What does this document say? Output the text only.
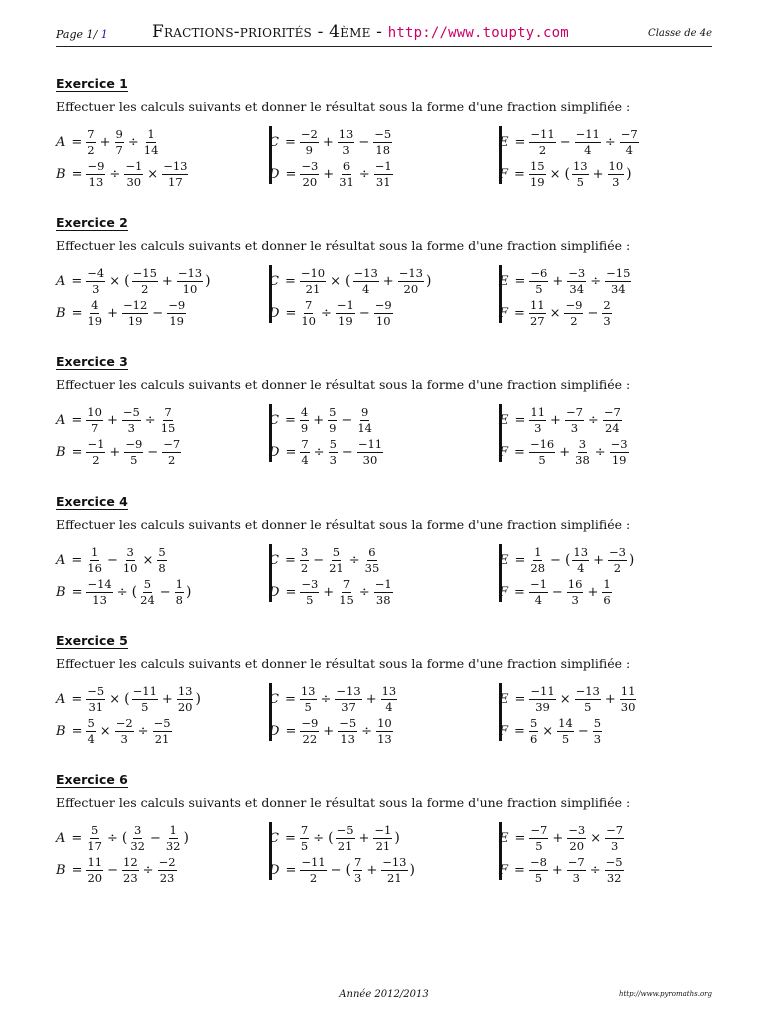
Page 1/ 1	Fractions-priorités - 4ème - http://www.toupty.com	Classe de 4e
Exercice 1
Effectuer les calculs suivants et donner le résultat sous la forme d'une fraction simplifiée :
$A = \frac{7}{2} + \frac{9}{7} \div \frac{1}{14}$
$B = \frac{-9}{13} \div \frac{-1}{30} \times \frac{-13}{17}$
$C = \frac{-2}{9} + \frac{13}{3} - \frac{-5}{18}$
$D = \frac{-3}{20} + \frac{6}{31} \div \frac{-1}{31}$
$E = \frac{-11}{2} - \frac{-11}{4} \div \frac{-7}{4}$
$F = \frac{15}{19}$ × ( $\frac{13}{5} + \frac{10}{3}$ )
Exercice 2
Effectuer les calculs suivants et donner le résultat sous la forme d'une fraction simplifiée :
$A = \frac{-4}{3}$ × ( $\frac{-15}{2} + \frac{-13}{10}$ )
$B = \frac{4}{19} + \frac{-12}{19} - \frac{-9}{19}$
$C = \frac{-10}{21}$ × ( $\frac{-13}{4} + \frac{-13}{20}$ )
$D = \frac{7}{10} \div \frac{-1}{19} - \frac{-9}{10}$
$E = \frac{-6}{5} + \frac{-3}{34} \div \frac{-15}{34}$
$F = \frac{11}{27} \times \frac{-9}{2} - \frac{2}{3}$
Exercice 3
Effectuer les calculs suivants et donner le résultat sous la forme d'une fraction simplifiée :
$A = \frac{10}{7} + \frac{-5}{3} \div \frac{7}{15}$
$B = \frac{-1}{2} + \frac{-9}{5} - \frac{-7}{2}$
$C = \frac{4}{9} + \frac{5}{9} - \frac{9}{14}$
$D = \frac{7}{4} \div \frac{5}{3} - \frac{-11}{30}$
$E = \frac{11}{3} + \frac{-7}{3} \div \frac{-7}{24}$
$F = \frac{-16}{5} + \frac{3}{38} \div \frac{-3}{19}$
Exercice 4
Effectuer les calculs suivants et donner le résultat sous la forme d'une fraction simplifiée :
$A = \frac{1}{16} - \frac{3}{10} \times \frac{5}{8}$
$B = \frac{-14}{13}$ ÷ ( $\frac{5}{24} - \frac{1}{8}$ )
$C = \frac{3}{2} - \frac{5}{21} \div \frac{6}{35}$
$D = \frac{-3}{5} + \frac{7}{15} \div \frac{-1}{38}$
$E = \frac{1}{28}$ − ( $\frac{13}{4} + \frac{-3}{2}$ )
$F = \frac{-1}{4} - \frac{16}{3} + \frac{1}{6}$
Exercice 5
Effectuer les calculs suivants et donner le résultat sous la forme d'une fraction simplifiée :
$A = \frac{-5}{31}$ × ( $\frac{-11}{5} + \frac{13}{20}$ )
$B = \frac{5}{4} \times \frac{-2}{3} \div \frac{-5}{21}$
$C = \frac{13}{5} \div \frac{-13}{37} + \frac{13}{4}$
$D = \frac{-9}{22} + \frac{-5}{13} \div \frac{10}{13}$
$E = \frac{-11}{39} \times \frac{-13}{5} + \frac{11}{30}$
$F = \frac{5}{6} \times \frac{14}{5} - \frac{5}{3}$
Exercice 6
Effectuer les calculs suivants et donner le résultat sous la forme d'une fraction simplifiée :
$A = \frac{5}{17}$ ÷ ( $\frac{3}{32} - \frac{1}{32}$ )
$B = \frac{11}{20} - \frac{12}{23} \div \frac{-2}{23}$
$C = \frac{7}{5}$ ÷ ( $\frac{-5}{21} + \frac{-1}{21}$ )
$D = \frac{-11}{2}$ − ( $\frac{7}{3} + \frac{-13}{21}$ )
$E = \frac{-7}{5} + \frac{-3}{20} \times \frac{-7}{3}$
$F = \frac{-8}{5} + \frac{-7}{3} \div \frac{-5}{32}$
Année 2012/2013	http://www.pyromaths.org
